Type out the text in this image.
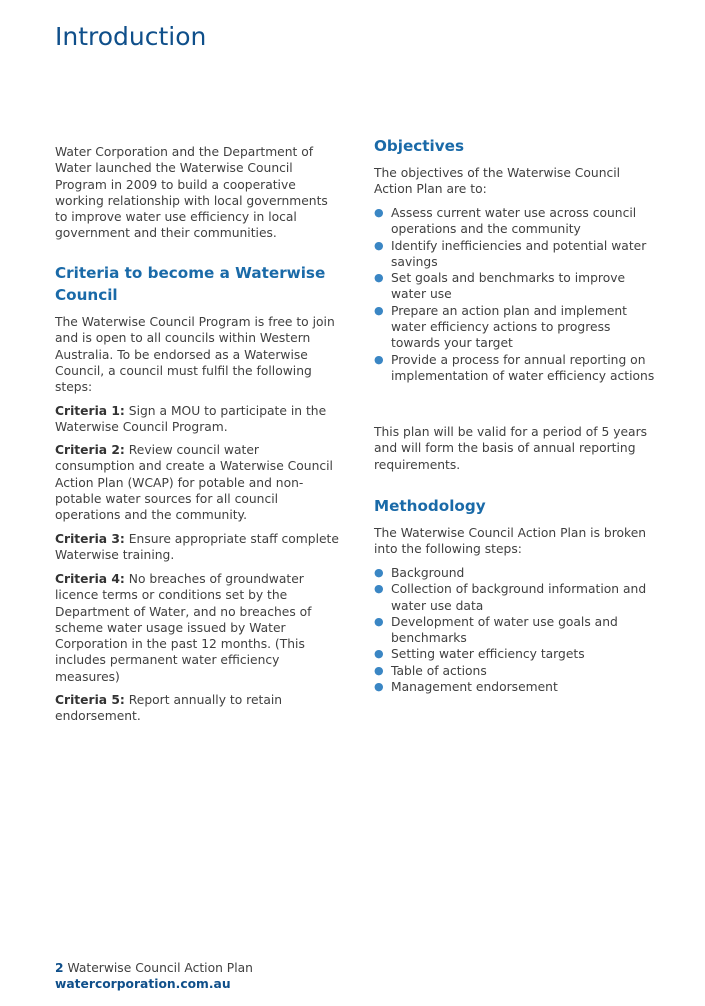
Introduction

Water Corporation and the Department of Water launched the Waterwise Council Program in 2009 to build a cooperative working relationship with local governments to improve water use efficiency in local government and their communities.

Criteria to become a Waterwise Council

The Waterwise Council Program is free to join and is open to all councils within Western Australia. To be endorsed as a Waterwise Council, a council must fulfil the following steps:

Criteria 1: Sign a MOU to participate in the Waterwise Council Program.

Criteria 2: Review council water consumption and create a Waterwise Council Action Plan (WCAP) for potable and non-potable water sources for all council operations and the community.

Criteria 3: Ensure appropriate staff complete Waterwise training.

Criteria 4: No breaches of groundwater licence terms or conditions set by the Department of Water, and no breaches of scheme water usage issued by Water Corporation in the past 12 months. (This includes permanent water efficiency measures)

Criteria 5: Report annually to retain endorsement.

Objectives

The objectives of the Waterwise Council Action Plan are to:

● Assess current water use across council operations and the community
● Identify inefficiencies and potential water savings
● Set goals and benchmarks to improve water use
● Prepare an action plan and implement water efficiency actions to progress towards your target
● Provide a process for annual reporting on implementation of water efficiency actions

This plan will be valid for a period of 5 years and will form the basis of annual reporting requirements.

Methodology

The Waterwise Council Action Plan is broken into the following steps:

● Background
● Collection of background information and water use data
● Development of water use goals and benchmarks
● Setting water efficiency targets
● Table of actions
● Management endorsement
2 Waterwise Council Action Plan
watercorporation.com.au
